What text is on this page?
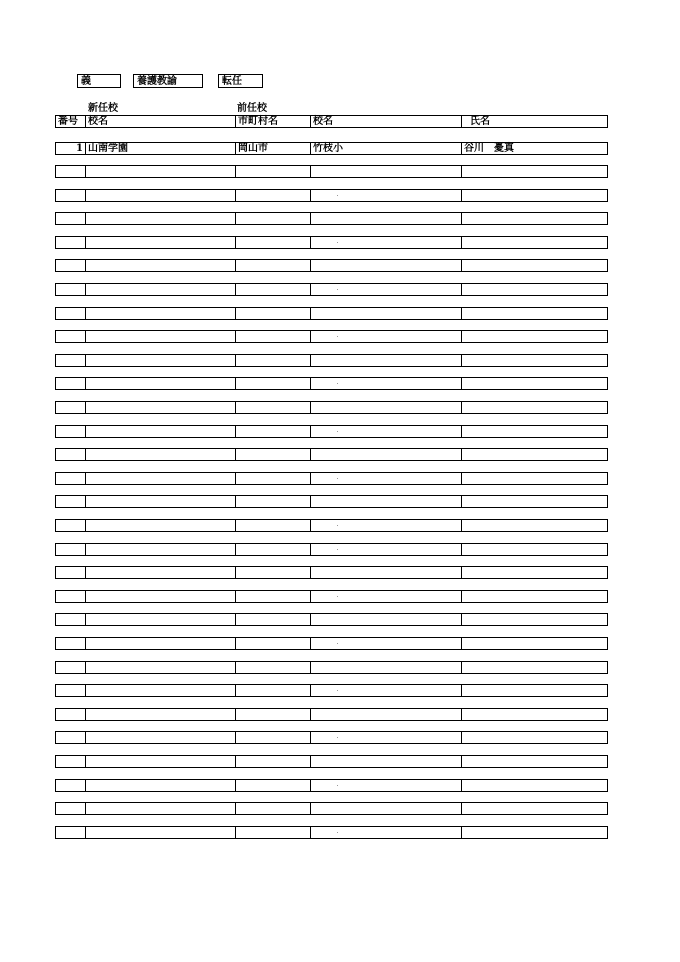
義	養護教諭	転任
新任校	前任校
番号	校名	市町村名	校名	氏名
1 山南学園	岡山市	竹枝小	谷川　憂真
